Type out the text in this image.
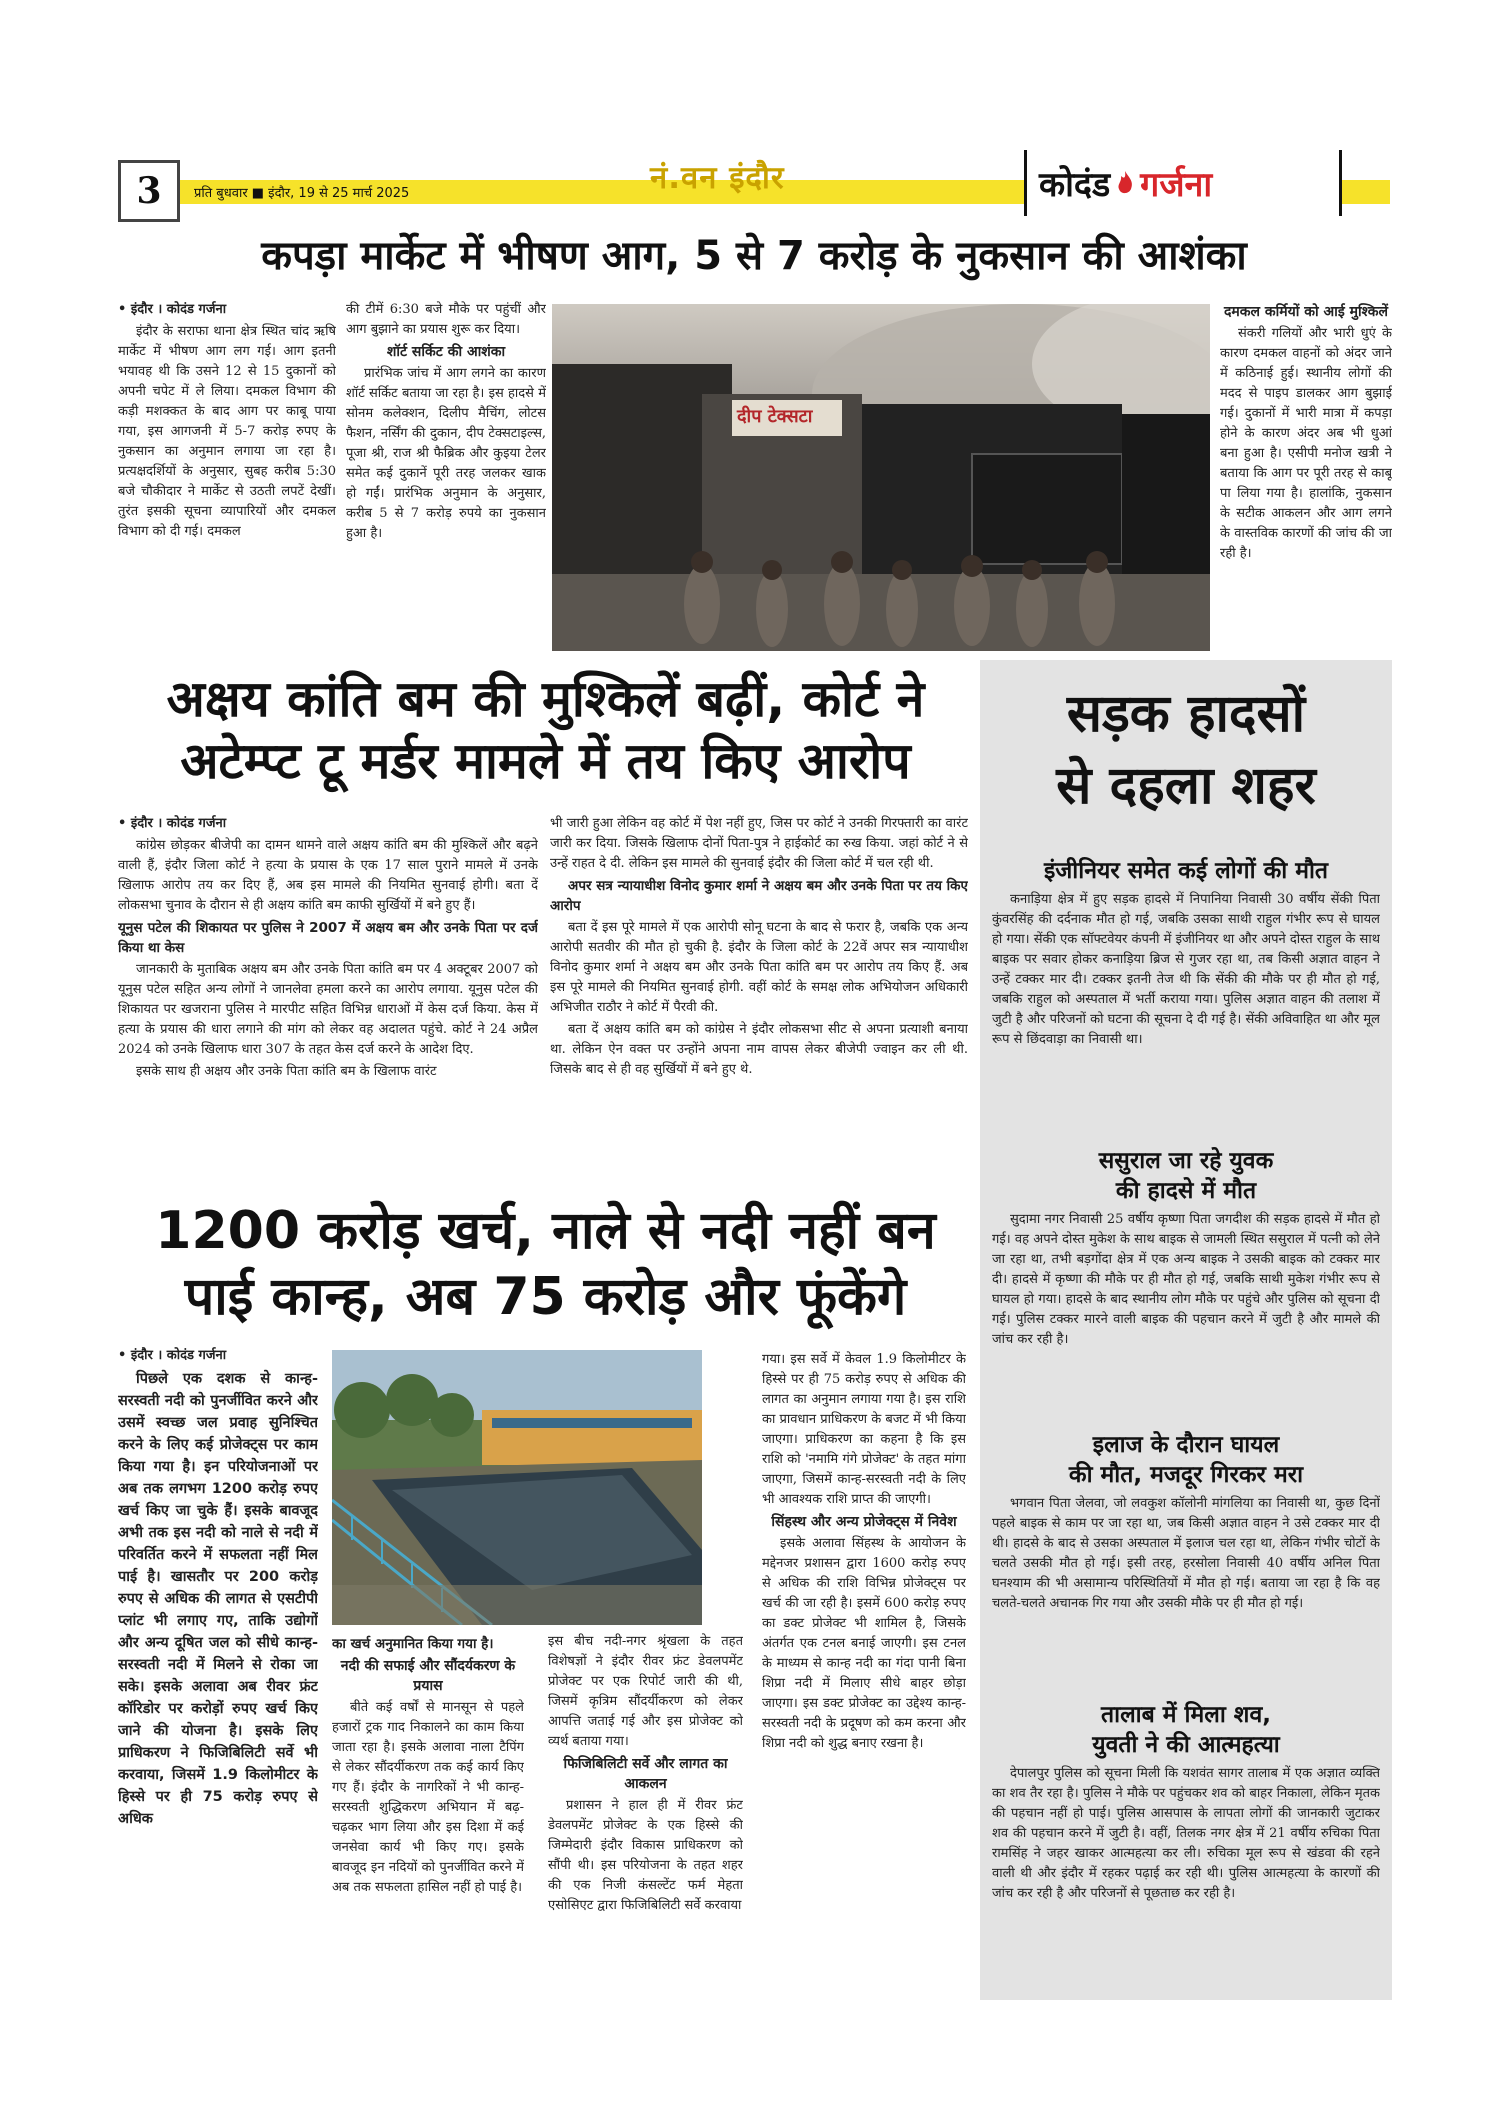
3 प्रति बुधवार ■ इंदौर, 19 से 25 मार्च 2025	नं.वन इंदौर	कोदंड गर्जना
कपड़ा मार्केट में भीषण आग, 5 से 7 करोड़ के नुकसान की आशंका

• इंदौर । कोदंड गर्जना

इंदौर के सराफा थाना क्षेत्र स्थित चांद ऋषि मार्केट में भीषण आग लग गई। आग इतनी भयावह थी कि उसने 12 से 15 दुकानों को अपनी चपेट में ले लिया। दमकल विभाग की कड़ी मशक्कत के बाद आग पर काबू पाया गया, इस आगजनी में 5-7 करोड़ रुपए के नुकसान का अनुमान लगाया जा रहा है। प्रत्यक्षदर्शियों के अनुसार, सुबह करीब 5:30 बजे चौकीदार ने मार्केट से उठती लपटें देखीं। तुरंत इसकी सूचना व्यापारियों और दमकल विभाग को दी गई। दमकल

की टीमें 6:30 बजे मौके पर पहुंचीं और आग बुझाने का प्रयास शुरू कर दिया।

शॉर्ट सर्किट की आशंका

प्रारंभिक जांच में आग लगने का कारण शॉर्ट सर्किट बताया जा रहा है। इस हादसे में सोनम कलेक्शन, दिलीप मैचिंग, लोटस फैशन, नर्सिंग की दुकान, दीप टेक्सटाइल्स, पूजा श्री, राज श्री फैब्रिक और कुइया टेलर समेत कई दुकानें पूरी तरह जलकर खाक हो गईं। प्रारंभिक अनुमान के अनुसार, करीब 5 से 7 करोड़ रुपये का नुकसान हुआ है।

दीप टेक्सटा

दमकल कर्मियों को आई मुश्किलें

संकरी गलियों और भारी धुएं के कारण दमकल वाहनों को अंदर जाने में कठिनाई हुई। स्थानीय लोगों की मदद से पाइप डालकर आग बुझाई गई। दुकानों में भारी मात्रा में कपड़ा होने के कारण अंदर अब भी धुआं बना हुआ है। एसीपी मनोज खत्री ने बताया कि आग पर पूरी तरह से काबू पा लिया गया है। हालांकि, नुकसान के सटीक आकलन और आग लगने के वास्तविक कारणों की जांच की जा रही है।

अक्षय कांति बम की मुश्किलें बढ़ीं, कोर्ट ने
अटेम्प्ट टू मर्डर मामले में तय किए आरोप

• इंदौर । कोदंड गर्जना

कांग्रेस छोड़कर बीजेपी का दामन थामने वाले अक्षय कांति बम की मुश्किलें और बढ़ने वाली हैं, इंदौर जिला कोर्ट ने हत्या के प्रयास के एक 17 साल पुराने मामले में उनके खिलाफ आरोप तय कर दिए हैं, अब इस मामले की नियमित सुनवाई होगी। बता दें लोकसभा चुनाव के दौरान से ही अक्षय कांति बम काफी सुर्खियों में बने हुए हैं।

यूनुस पटेल की शिकायत पर पुलिस ने 2007 में अक्षय बम और उनके पिता पर दर्ज किया था केस

जानकारी के मुताबिक अक्षय बम और उनके पिता कांति बम पर 4 अक्टूबर 2007 को यूनुस पटेल सहित अन्य लोगों ने जानलेवा हमला करने का आरोप लगाया. यूनुस पटेल की शिकायत पर खजराना पुलिस ने मारपीट सहित विभिन्न धाराओं में केस दर्ज किया. केस में हत्या के प्रयास की धारा लगाने की मांग को लेकर वह अदालत पहुंचे. कोर्ट ने 24 अप्रैल 2024 को उनके खिलाफ धारा 307 के तहत केस दर्ज करने के आदेश दिए.

इसके साथ ही अक्षय और उनके पिता कांति बम के खिलाफ वारंट

भी जारी हुआ लेकिन वह कोर्ट में पेश नहीं हुए, जिस पर कोर्ट ने उनकी गिरफ्तारी का वारंट जारी कर दिया. जिसके खिलाफ दोनों पिता-पुत्र ने हाईकोर्ट का रुख किया. जहां कोर्ट ने से उन्हें राहत दे दी. लेकिन इस मामले की सुनवाई इंदौर की जिला कोर्ट में चल रही थी.

अपर सत्र न्यायाधीश विनोद कुमार शर्मा ने अक्षय बम और उनके पिता पर तय किए आरोप

बता दें इस पूरे मामले में एक आरोपी सोनू घटना के बाद से फरार है, जबकि एक अन्य आरोपी सतवीर की मौत हो चुकी है. इंदौर के जिला कोर्ट के 22वें अपर सत्र न्यायाधीश विनोद कुमार शर्मा ने अक्षय बम और उनके पिता कांति बम पर आरोप तय किए हैं. अब इस पूरे मामले की नियमित सुनवाई होगी. वहीं कोर्ट के समक्ष लोक अभियोजन अधिकारी अभिजीत राठौर ने कोर्ट में पैरवी की.

बता दें अक्षय कांति बम को कांग्रेस ने इंदौर लोकसभा सीट से अपना प्रत्याशी बनाया था. लेकिन ऐन वक्त पर उन्होंने अपना नाम वापस लेकर बीजेपी ज्वाइन कर ली थी. जिसके बाद से ही वह सुर्खियों में बने हुए थे.

1200 करोड़ खर्च, नाले से नदी नहीं बन
पाई कान्ह, अब 75 करोड़ और फूंकेंगे

• इंदौर । कोदंड गर्जना

पिछले एक दशक से कान्ह-सरस्वती नदी को पुनर्जीवित करने और उसमें स्वच्छ जल प्रवाह सुनिश्चित करने के लिए कई प्रोजेक्ट्स पर काम किया गया है। इन परियोजनाओं पर अब तक लगभग 1200 करोड़ रुपए खर्च किए जा चुके हैं। इसके बावजूद अभी तक इस नदी को नाले से नदी में परिवर्तित करने में सफलता नहीं मिल पाई है। खासतौर पर 200 करोड़ रुपए से अधिक की लागत से एसटीपी प्लांट भी लगाए गए, ताकि उद्योगों और अन्य दूषित जल को सीधे कान्ह-सरस्वती नदी में मिलने से रोका जा सके। इसके अलावा अब रीवर फ्रंट कॉरिडोर पर करोड़ों रुपए खर्च किए जाने की योजना है। इसके लिए प्राधिकरण ने फिजिबिलिटी सर्वे भी करवाया, जिसमें 1.9 किलोमीटर के हिस्से पर ही 75 करोड़ रुपए से अधिक

का खर्च अनुमानित किया गया है।

नदी की सफाई और सौंदर्यकरण के प्रयास

बीते कई वर्षों से मानसून से पहले हजारों ट्रक गाद निकालने का काम किया जाता रहा है। इसके अलावा नाला टैपिंग से लेकर सौंदर्यीकरण तक कई कार्य किए गए हैं। इंदौर के नागरिकों ने भी कान्ह-सरस्वती शुद्धिकरण अभियान में बढ़-चढ़कर भाग लिया और इस दिशा में कई जनसेवा कार्य भी किए गए। इसके बावजूद इन नदियों को पुनर्जीवित करने में अब तक सफलता हासिल नहीं हो पाई है।

इस बीच नदी-नगर श्रृंखला के तहत विशेषज्ञों ने इंदौर रीवर फ्रंट डेवलपमेंट प्रोजेक्ट पर एक रिपोर्ट जारी की थी, जिसमें कृत्रिम सौंदर्यीकरण को लेकर आपत्ति जताई गई और इस प्रोजेक्ट को व्यर्थ बताया गया।

फिजिबिलिटी सर्वे और लागत का आकलन

प्रशासन ने हाल ही में रीवर फ्रंट डेवलपमेंट प्रोजेक्ट के एक हिस्से की जिम्मेदारी इंदौर विकास प्राधिकरण को सौंपी थी। इस परियोजना के तहत शहर की एक निजी कंसल्टेंट फर्म मेहता एसोसिएट द्वारा फिजिबिलिटी सर्वे करवाया

गया। इस सर्वे में केवल 1.9 किलोमीटर के हिस्से पर ही 75 करोड़ रुपए से अधिक की लागत का अनुमान लगाया गया है। इस राशि का प्रावधान प्राधिकरण के बजट में भी किया जाएगा। प्राधिकरण का कहना है कि इस राशि को 'नमामि गंगे प्रोजेक्ट' के तहत मांगा जाएगा, जिसमें कान्ह-सरस्वती नदी के लिए भी आवश्यक राशि प्राप्त की जाएगी।

सिंहस्थ और अन्य प्रोजेक्ट्स में निवेश

इसके अलावा सिंहस्थ के आयोजन के मद्देनजर प्रशासन द्वारा 1600 करोड़ रुपए से अधिक की राशि विभिन्न प्रोजेक्ट्स पर खर्च की जा रही है। इसमें 600 करोड़ रुपए का डक्ट प्रोजेक्ट भी शामिल है, जिसके अंतर्गत एक टनल बनाई जाएगी। इस टनल के माध्यम से कान्ह नदी का गंदा पानी बिना शिप्रा नदी में मिलाए सीधे बाहर छोड़ा जाएगा। इस डक्ट प्रोजेक्ट का उद्देश्य कान्ह-सरस्वती नदी के प्रदूषण को कम करना और शिप्रा नदी को शुद्ध बनाए रखना है।

सड़क हादसों
से दहला शहर
इंजीनियर समेत कई लोगों की मौत

कनाड़िया क्षेत्र में हुए सड़क हादसे में निपानिया निवासी 30 वर्षीय सेंकी पिता कुंवरसिंह की दर्दनाक मौत हो गई, जबकि उसका साथी राहुल गंभीर रूप से घायल हो गया। सेंकी एक सॉफ्टवेयर कंपनी में इंजीनियर था और अपने दोस्त राहुल के साथ बाइक पर सवार होकर कनाड़िया ब्रिज से गुजर रहा था, तब किसी अज्ञात वाहन ने उन्हें टक्कर मार दी। टक्कर इतनी तेज थी कि सेंकी की मौके पर ही मौत हो गई, जबकि राहुल को अस्पताल में भर्ती कराया गया। पुलिस अज्ञात वाहन की तलाश में जुटी है और परिजनों को घटना की सूचना दे दी गई है। सेंकी अविवाहित था और मूल रूप से छिंदवाड़ा का निवासी था।

ससुराल जा रहे युवक
की हादसे में मौत

सुदामा नगर निवासी 25 वर्षीय कृष्णा पिता जगदीश की सड़क हादसे में मौत हो गई। वह अपने दोस्त मुकेश के साथ बाइक से जामली स्थित ससुराल में पत्नी को लेने जा रहा था, तभी बड़गोंदा क्षेत्र में एक अन्य बाइक ने उसकी बाइक को टक्कर मार दी। हादसे में कृष्णा की मौके पर ही मौत हो गई, जबकि साथी मुकेश गंभीर रूप से घायल हो गया। हादसे के बाद स्थानीय लोग मौके पर पहुंचे और पुलिस को सूचना दी गई। पुलिस टक्कर मारने वाली बाइक की पहचान करने में जुटी है और मामले की जांच कर रही है।

इलाज के दौरान घायल
की मौत, मजदूर गिरकर मरा

भगवान पिता जेलवा, जो लवकुश कॉलोनी मांगलिया का निवासी था, कुछ दिनों पहले बाइक से काम पर जा रहा था, जब किसी अज्ञात वाहन ने उसे टक्कर मार दी थी। हादसे के बाद से उसका अस्पताल में इलाज चल रहा था, लेकिन गंभीर चोटों के चलते उसकी मौत हो गई। इसी तरह, हरसोला निवासी 40 वर्षीय अनिल पिता घनश्याम की भी असामान्य परिस्थितियों में मौत हो गई। बताया जा रहा है कि वह चलते-चलते अचानक गिर गया और उसकी मौके पर ही मौत हो गई।

तालाब में मिला शव,
युवती ने की आत्महत्या

देपालपुर पुलिस को सूचना मिली कि यशवंत सागर तालाब में एक अज्ञात व्यक्ति का शव तैर रहा है। पुलिस ने मौके पर पहुंचकर शव को बाहर निकाला, लेकिन मृतक की पहचान नहीं हो पाई। पुलिस आसपास के लापता लोगों की जानकारी जुटाकर शव की पहचान करने में जुटी है। वहीं, तिलक नगर क्षेत्र में 21 वर्षीय रुचिका पिता रामसिंह ने जहर खाकर आत्महत्या कर ली। रुचिका मूल रूप से खंडवा की रहने वाली थी और इंदौर में रहकर पढ़ाई कर रही थी। पुलिस आत्महत्या के कारणों की जांच कर रही है और परिजनों से पूछताछ कर रही है।
